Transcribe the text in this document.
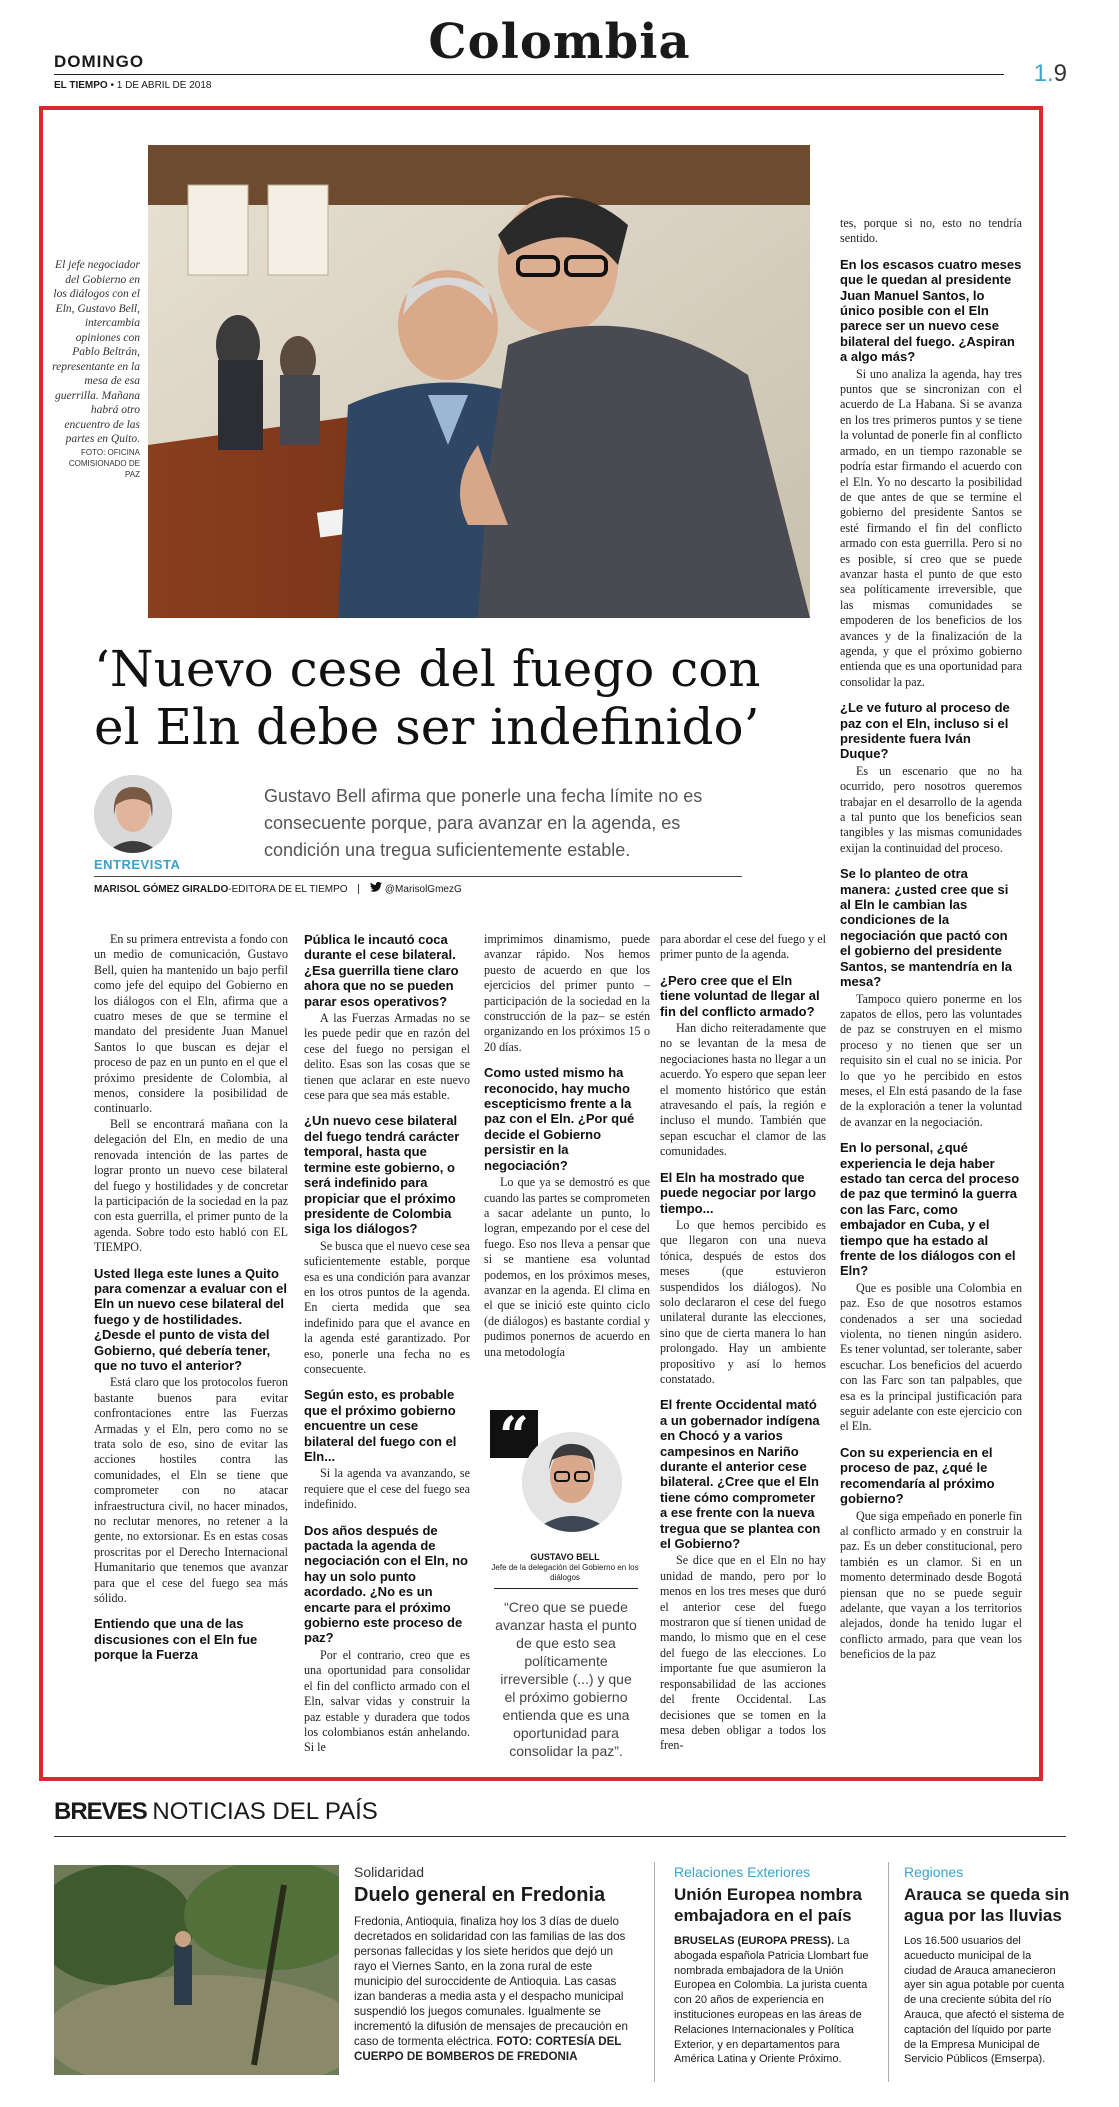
DOMINGO	Colombia
EL TIEMPO • 1 DE ABRIL DE 2018	1.9
El jefe negociador del Gobierno en los diálogos con el Eln, Gustavo Bell, intercambia opiniones con Pablo Beltrán, representante en la mesa de esa guerrilla. Mañana habrá otro encuentro de las partes en Quito.
FOTO: OFICINA COMISIONADO DE PAZ
‘Nuevo cese del fuego con el Eln debe ser indefinido’
ENTREVISTA
Gustavo Bell afirma que ponerle una fecha límite no es consecuente porque, para avanzar en la agenda, es condición una tregua suficientemente estable.
MARISOL GÓMEZ GIRALDO-EDITORA DE EL TIEMPO	@MarisolGmezG

tes, porque si no, esto no tendría sentido.

En los escasos cuatro meses que le quedan al presidente Juan Manuel Santos, lo único posible con el Eln parece ser un nuevo cese bilateral del fuego. ¿Aspiran a algo más?

Si uno analiza la agenda, hay tres puntos que se sincronizan con el acuerdo de La Habana. Si se avanza en los tres primeros puntos y se tiene la voluntad de ponerle fin al conflicto armado, en un tiempo razonable se podría estar firmando el acuerdo con el Eln. Yo no descarto la posibilidad de que antes de que se termine el gobierno del presidente Santos se esté firmando el fin del conflicto armado con esta guerrilla. Pero si no es posible, sí creo que se puede avanzar hasta el punto de que esto sea políticamente irreversible, que las mismas comunidades se empoderen de los beneficios de los avances y de la finalización de la agenda, y que el próximo gobierno entienda que es una oportunidad para consolidar la paz.

¿Le ve futuro al proceso de paz con el Eln, incluso si el presidente fuera Iván Duque?

Es un escenario que no ha ocurrido, pero nosotros queremos trabajar en el desarrollo de la agenda a tal punto que los beneficios sean tangibles y las mismas comunidades exijan la continuidad del proceso.

Se lo planteo de otra manera: ¿usted cree que si al Eln le cambian las condiciones de la negociación que pactó con el gobierno del presidente Santos, se mantendría en la mesa?

Tampoco quiero ponerme en los zapatos de ellos, pero las voluntades de paz se construyen en el mismo proceso y no tienen que ser un requisito sin el cual no se inicia. Por lo que yo he percibido en estos meses, el Eln está pasando de la fase de la exploración a tener la voluntad de avanzar en la negociación.

En lo personal, ¿qué experiencia le deja haber estado tan cerca del proceso de paz que terminó la guerra con las Farc, como embajador en Cuba, y el tiempo que ha estado al frente de los diálogos con el Eln?

Que es posible una Colombia en paz. Eso de que nosotros estamos condenados a ser una sociedad violenta, no tienen ningún asidero. Es tener voluntad, ser tolerante, saber escuchar. Los beneficios del acuerdo con las Farc son tan palpables, que esa es la principal justificación para seguir adelante con este ejercicio con el Eln.

Con su experiencia en el proceso de paz, ¿qué le recomendaría al próximo gobierno?

Que siga empeñado en ponerle fin al conflicto armado y en construir la paz. Es un deber constitucional, pero también es un clamor. Si en un momento determinado desde Bogotá piensan que no se puede seguir adelante, que vayan a los territorios alejados, donde ha tenido lugar el conflicto armado, para que vean los beneficios de la paz

En su primera entrevista a fondo con un medio de comunicación, Gustavo Bell, quien ha mantenido un bajo perfil como jefe del equipo del Gobierno en los diálogos con el Eln, afirma que a cuatro meses de que se termine el mandato del presidente Juan Manuel Santos lo que buscan es dejar el proceso de paz en un punto en el que el próximo presidente de Colombia, al menos, considere la posibilidad de continuarlo.

Bell se encontrará mañana con la delegación del Eln, en medio de una renovada intención de las partes de lograr pronto un nuevo cese bilateral del fuego y hostilidades y de concretar la participación de la sociedad en la paz con esta guerrilla, el primer punto de la agenda. Sobre todo esto habló con EL TIEMPO.

Usted llega este lunes a Quito para comenzar a evaluar con el Eln un nuevo cese bilateral del fuego y de hostilidades. ¿Desde el punto de vista del Gobierno, qué debería tener, que no tuvo el anterior?

Está claro que los protocolos fueron bastante buenos para evitar confrontaciones entre las Fuerzas Armadas y el Eln, pero como no se trata solo de eso, sino de evitar las acciones hostiles contra las comunidades, el Eln se tiene que comprometer con no atacar infraestructura civil, no hacer minados, no reclutar menores, no retener a la gente, no extorsionar. Es en estas cosas proscritas por el Derecho Internacional Humanitario que tenemos que avanzar para que el cese del fuego sea más sólido.

Entiendo que una de las discusiones con el Eln fue porque la Fuerza
Pública le incautó coca durante el cese bilateral. ¿Esa guerrilla tiene claro ahora que no se pueden parar esos operativos?

A las Fuerzas Armadas no se les puede pedir que en razón del cese del fuego no persigan el delito. Esas son las cosas que se tienen que aclarar en este nuevo cese para que sea más estable.

¿Un nuevo cese bilateral del fuego tendrá carácter temporal, hasta que termine este gobierno, o será indefinido para propiciar que el próximo presidente de Colombia siga los diálogos?

Se busca que el nuevo cese sea suficientemente estable, porque esa es una condición para avanzar en los otros puntos de la agenda. En cierta medida que sea indefinido para que el avance en la agenda esté garantizado. Por eso, ponerle una fecha no es consecuente.

Según esto, es probable que el próximo gobierno encuentre un cese bilateral del fuego con el Eln...

Si la agenda va avanzando, se requiere que el cese del fuego sea indefinido.

Dos años después de pactada la agenda de negociación con el Eln, no hay un solo punto acordado. ¿No es un encarte para el próximo gobierno este proceso de paz?

Por el contrario, creo que es una oportunidad para consolidar el fin del conflicto armado con el Eln, salvar vidas y construir la paz estable y duradera que todos los colombianos están anhelando. Si le

imprimimos dinamismo, puede avanzar rápido. Nos hemos puesto de acuerdo en que los ejercicios del primer punto –participación de la sociedad en la construcción de la paz– se estén organizando en los próximos 15 o 20 días.

Como usted mismo ha reconocido, hay mucho escepticismo frente a la paz con el Eln. ¿Por qué decide el Gobierno persistir en la negociación?

Lo que ya se demostró es que cuando las partes se comprometen a sacar adelante un punto, lo logran, empezando por el cese del fuego. Eso nos lleva a pensar que si se mantiene esa voluntad podemos, en los próximos meses, avanzar en la agenda. El clima en el que se inició este quinto ciclo (de diálogos) es bastante cordial y pudimos ponernos de acuerdo en una metodología

para abordar el cese del fuego y el primer punto de la agenda.

¿Pero cree que el Eln tiene voluntad de llegar al fin del conflicto armado?

Han dicho reiteradamente que no se levantan de la mesa de negociaciones hasta no llegar a un acuerdo. Yo espero que sepan leer el momento histórico que están atravesando el país, la región e incluso el mundo. También que sepan escuchar el clamor de las comunidades.

El Eln ha mostrado que puede negociar por largo tiempo...

Lo que hemos percibido es que llegaron con una nueva tónica, después de estos dos meses (que estuvieron suspendidos los diálogos). No solo declararon el cese del fuego unilateral durante las elecciones, sino que de cierta manera lo han prolongado. Hay un ambiente propositivo y así lo hemos constatado.

El frente Occidental mató a un gobernador indígena en Chocó y a varios campesinos en Nariño durante el anterior cese bilateral. ¿Cree que el Eln tiene cómo comprometer a ese frente con la nueva tregua que se plantea con el Gobierno?

Se dice que en el Eln no hay unidad de mando, pero por lo menos en los tres meses que duró el anterior cese del fuego mostraron que sí tienen unidad de mando, lo mismo que en el cese del fuego de las elecciones. Lo importante fue que asumieron la responsabilidad de las acciones del frente Occidental. Las decisiones que se tomen en la mesa deben obligar a todos los fren-

“
GUSTAVO BELL
Jefe de la delegación del Gobierno en los diálogos
“Creo que se puede avanzar hasta el punto de que esto sea políticamente irreversible (...) y que el próximo gobierno entienda que es una oportunidad para consolidar la paz”.
BREVES NOTICIAS DEL PAÍS
Solidaridad
Duelo general en Fredonia
Fredonia, Antioquia, finaliza hoy los 3 días de duelo decretados en solidaridad con las familias de las dos personas fallecidas y los siete heridos que dejó un rayo el Viernes Santo, en la zona rural de este municipio del suroccidente de Antioquia. Las casas izan banderas a media asta y el despacho municipal suspendió los juegos comunales. Igualmente se incrementó la difusión de mensajes de precaución en caso de tormenta eléctrica. FOTO: CORTESÍA DEL CUERPO DE BOMBEROS DE FREDONIA
Relaciones Exteriores
Unión Europea nombra embajadora en el país
BRUSELAS (EUROPA PRESS). La abogada española Patricia Llombart fue nombrada embajadora de la Unión Europea en Colombia. La jurista cuenta con 20 años de experiencia en instituciones europeas en las áreas de Relaciones Internacionales y Política Exterior, y en departamentos para América Latina y Oriente Próximo.
Regiones
Arauca se queda sin agua por las lluvias
Los 16.500 usuarios del acueducto municipal de la ciudad de Arauca amanecieron ayer sin agua potable por cuenta de una creciente súbita del río Arauca, que afectó el sistema de captación del líquido por parte de la Empresa Municipal de Servicio Públicos (Emserpa).
